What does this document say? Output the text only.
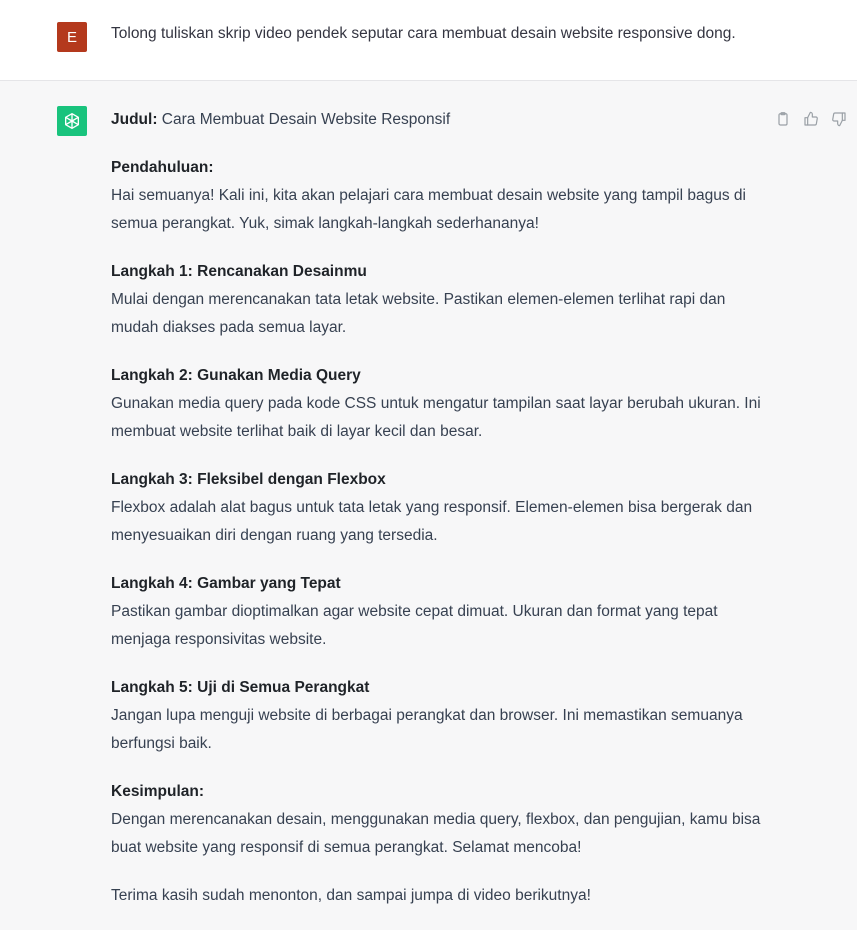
E	Tolong tuliskan skrip video pendek seputar cara membuat desain website responsive dong.

Judul: Cara Membuat Desain Website Responsif

Pendahuluan:
Hai semuanya! Kali ini, kita akan pelajari cara membuat desain website yang tampil bagus di semua perangkat. Yuk, simak langkah-langkah sederhananya!

Langkah 1: Rencanakan Desainmu
Mulai dengan merencanakan tata letak website. Pastikan elemen-elemen terlihat rapi dan mudah diakses pada semua layar.

Langkah 2: Gunakan Media Query
Gunakan media query pada kode CSS untuk mengatur tampilan saat layar berubah ukuran. Ini membuat website terlihat baik di layar kecil dan besar.

Langkah 3: Fleksibel dengan Flexbox
Flexbox adalah alat bagus untuk tata letak yang responsif. Elemen-elemen bisa bergerak dan menyesuaikan diri dengan ruang yang tersedia.

Langkah 4: Gambar yang Tepat
Pastikan gambar dioptimalkan agar website cepat dimuat. Ukuran dan format yang tepat menjaga responsivitas website.

Langkah 5: Uji di Semua Perangkat
Jangan lupa menguji website di berbagai perangkat dan browser. Ini memastikan semuanya berfungsi baik.

Kesimpulan:
Dengan merencanakan desain, menggunakan media query, flexbox, dan pengujian, kamu bisa buat website yang responsif di semua perangkat. Selamat mencoba!

Terima kasih sudah menonton, dan sampai jumpa di video berikutnya!
